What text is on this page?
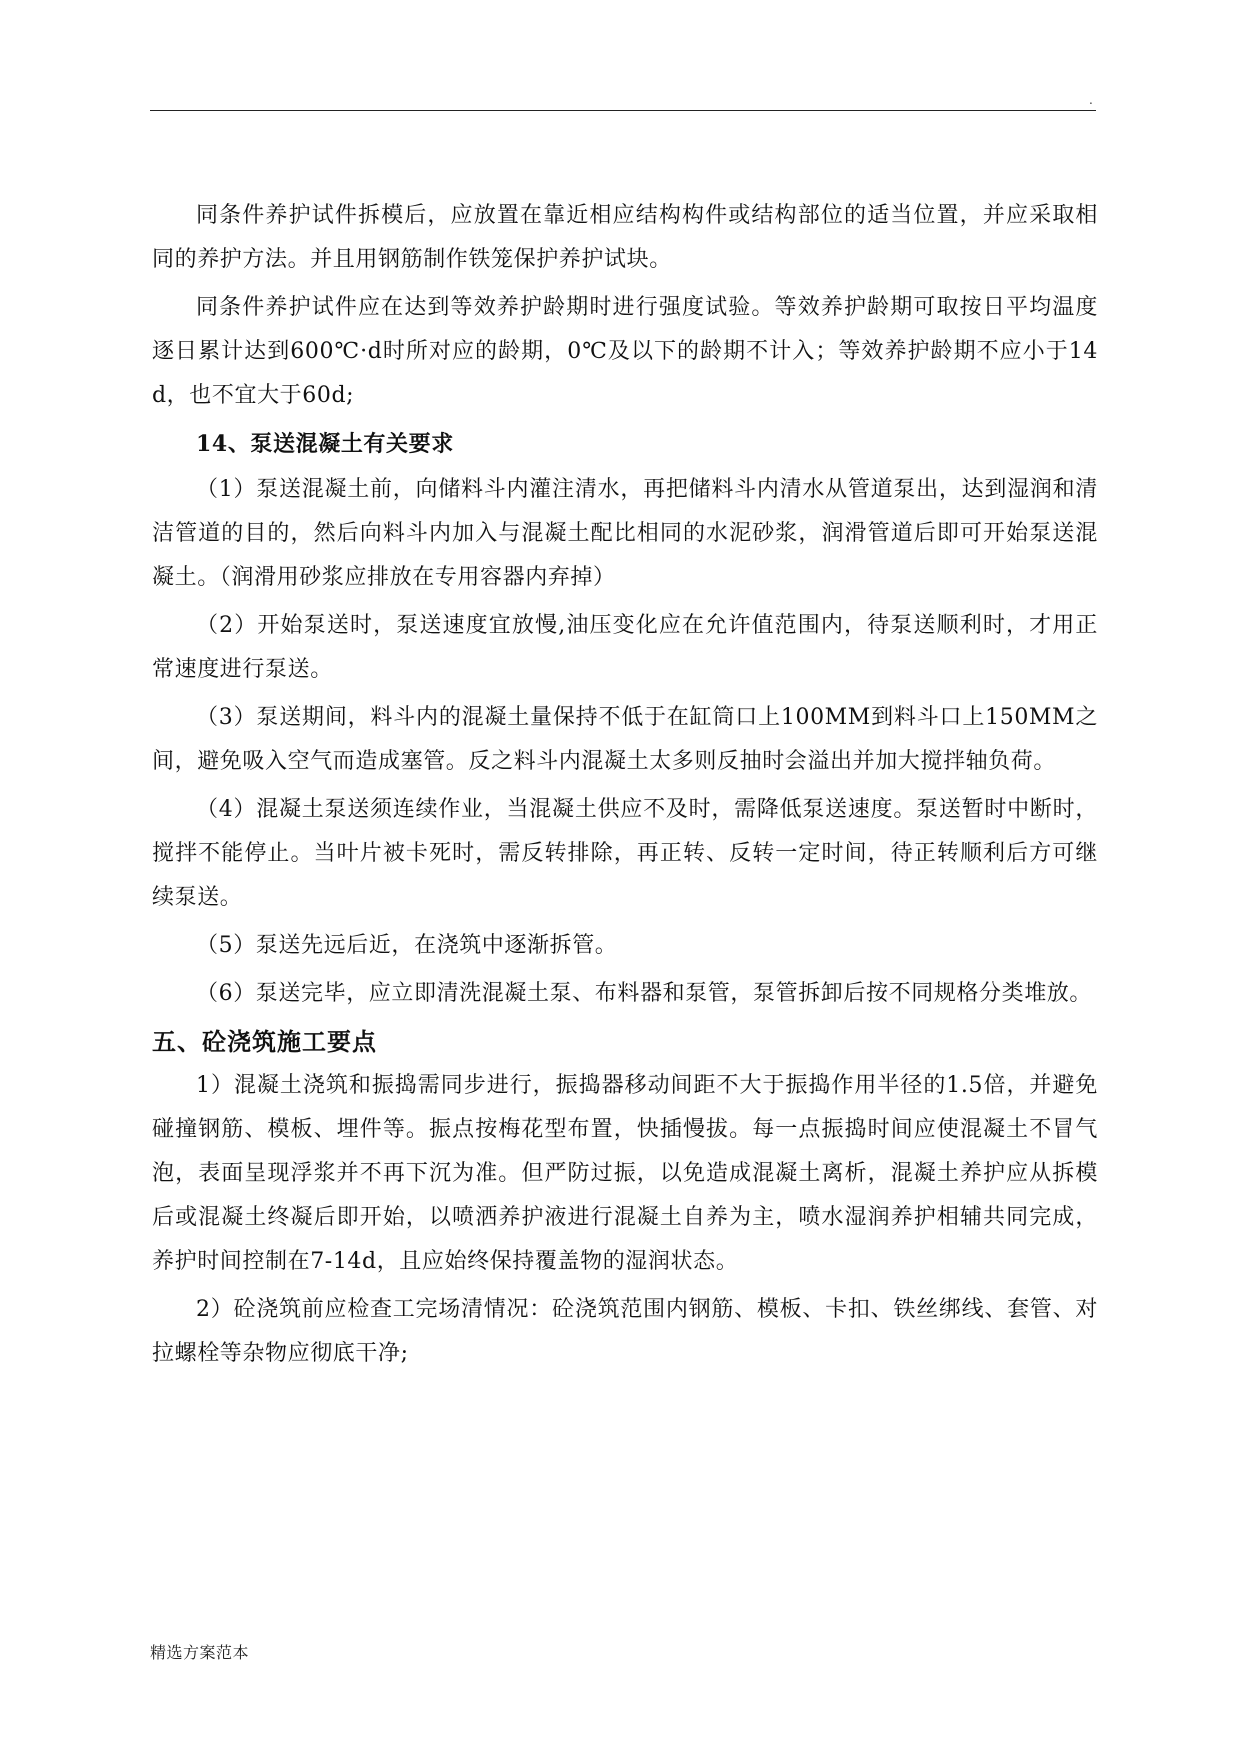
.

同条件养护试件拆模后，应放置在靠近相应结构构件或结构部位的适当位置，并应采取相同的养护方法。并且用钢筋制作铁笼保护养护试块。

同条件养护试件应在达到等效养护龄期时进行强度试验。等效养护龄期可取按日平均温度逐日累计达到600℃·d时所对应的龄期，0℃及以下的龄期不计入；等效养护龄期不应小于14d，也不宜大于60d;

14、泵送混凝土有关要求

（1）泵送混凝土前，向储料斗内灌注清水，再把储料斗内清水从管道泵出，达到湿润和清洁管道的目的，然后向料斗内加入与混凝土配比相同的水泥砂浆，润滑管道后即可开始泵送混凝土。（润滑用砂浆应排放在专用容器内弃掉）

（2）开始泵送时，泵送速度宜放慢,油压变化应在允许值范围内，待泵送顺利时，才用正常速度进行泵送。

（3）泵送期间，料斗内的混凝土量保持不低于在缸筒口上100MM到料斗口上150MM之间，避免吸入空气而造成塞管。反之料斗内混凝土太多则反抽时会溢出并加大搅拌轴负荷。

（4）混凝土泵送须连续作业，当混凝土供应不及时，需降低泵送速度。泵送暂时中断时，搅拌不能停止。当叶片被卡死时，需反转排除，再正转、反转一定时间，待正转顺利后方可继续泵送。

（5）泵送先远后近，在浇筑中逐渐拆管。

（6）泵送完毕，应立即清洗混凝土泵、布料器和泵管，泵管拆卸后按不同规格分类堆放。

五、砼浇筑施工要点

1）混凝土浇筑和振捣需同步进行，振捣器移动间距不大于振捣作用半径的1.5倍，并避免碰撞钢筋、模板、埋件等。振点按梅花型布置，快插慢拔。每一点振捣时间应使混凝土不冒气泡，表面呈现浮浆并不再下沉为准。但严防过振，以免造成混凝土离析，混凝土养护应从拆模后或混凝土终凝后即开始，以喷洒养护液进行混凝土自养为主，喷水湿润养护相辅共同完成，养护时间控制在7-14d，且应始终保持覆盖物的湿润状态。

2）砼浇筑前应检查工完场清情况：砼浇筑范围内钢筋、模板、卡扣、铁丝绑线、套管、对拉螺栓等杂物应彻底干净;

精选方案范本
